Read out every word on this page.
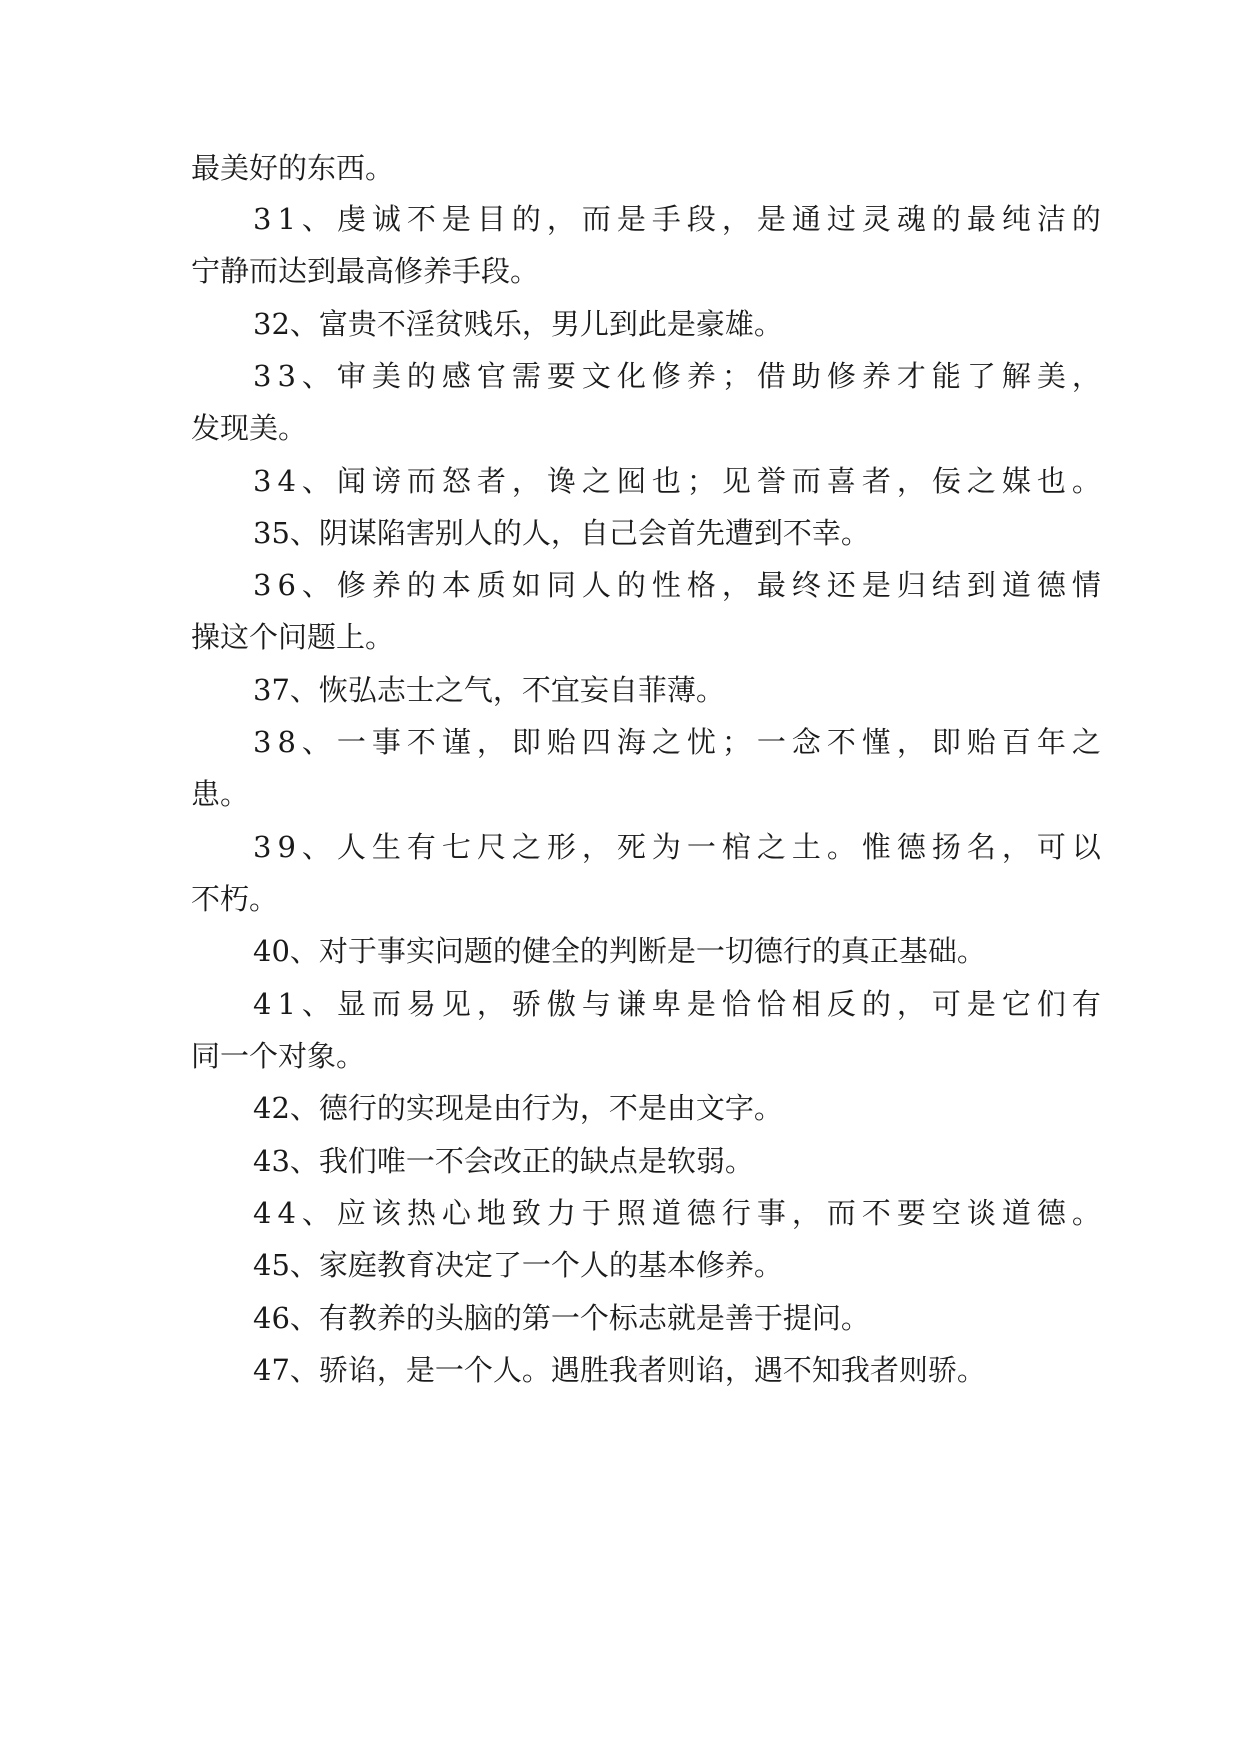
最美好的东西。
31、虔诚不是目的，而是手段，是通过灵魂的最纯洁的
宁静而达到最高修养手段。
32、富贵不淫贫贱乐，男儿到此是豪雄。
33、审美的感官需要文化修养；借助修养才能了解美，
发现美。
34、闻谤而怒者，谗之囮也；见誉而喜者，佞之媒也。
35、阴谋陷害别人的人，自己会首先遭到不幸。
36、修养的本质如同人的性格，最终还是归结到道德情
操这个问题上。
37、恢弘志士之气，不宜妄自菲薄。
38、一事不谨，即贻四海之忧；一念不慬，即贻百年之
患。
39、人生有七尺之形，死为一棺之土。惟德扬名，可以
不朽。
40、对于事实问题的健全的判断是一切德行的真正基础。
41、显而易见，骄傲与谦卑是恰恰相反的，可是它们有
同一个对象。
42、德行的实现是由行为，不是由文字。
43、我们唯一不会改正的缺点是软弱。
44、应该热心地致力于照道德行事，而不要空谈道德。
45、家庭教育决定了一个人的基本修养。
46、有教养的头脑的第一个标志就是善于提问。
47、骄谄，是一个人。遇胜我者则谄，遇不知我者则骄。
